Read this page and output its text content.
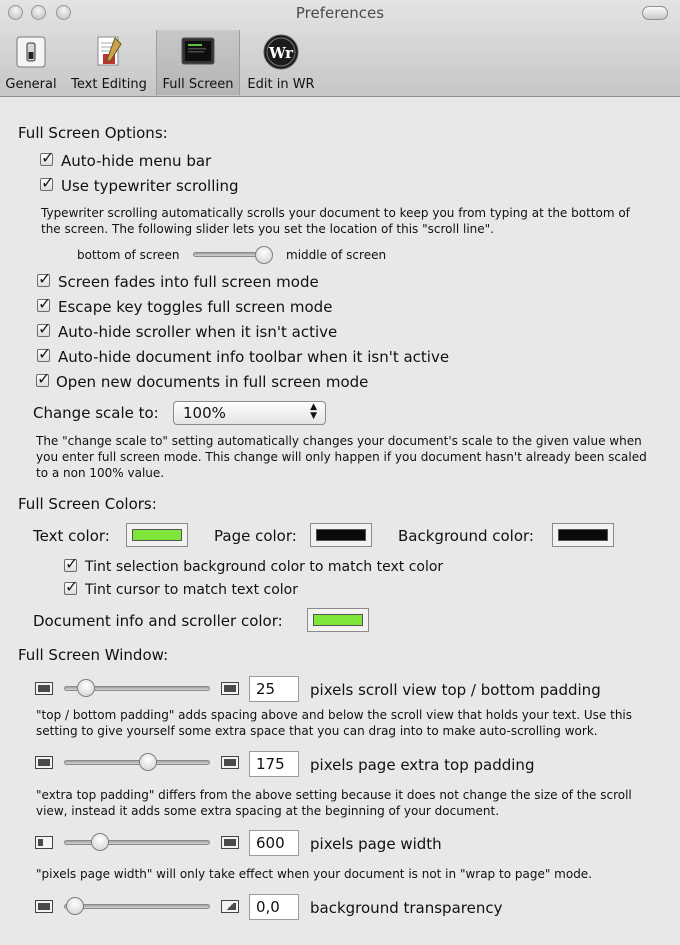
Preferences
General	Text Editing	Full Screen
Wr
Edit in WR
Full Screen Options:
✓
Auto-hide menu bar
✓
Use typewriter scrolling
Typewriter scrolling automatically scrolls your document to keep you from typing at the bottom of the screen. The following slider lets you set the location of this "scroll line".
bottom of screen	middle of screen
✓
Screen fades into full screen mode
✓
Escape key toggles full screen mode
✓
Auto-hide scroller when it isn't active
✓
Auto-hide document info toolbar when it isn't active
✓
Open new documents in full screen mode
Change scale to:	100%	▲
▼
The "change scale to" setting automatically changes your document's scale to the given value when you enter full screen mode. This change will only happen if you document hasn't already been scaled to a non 100% value.
Full Screen Colors:
Text color:	Page color:	Background color:
✓
Tint selection background color to match text color
✓
Tint cursor to match text color
Document info and scroller color:
Full Screen Window:
25	pixels scroll view top / bottom padding
"top / bottom padding" adds spacing above and below the scroll view that holds your text. Use this setting to give yourself some extra space that you can drag into to make auto-scrolling work.
175	pixels page extra top padding
"extra top padding" differs from the above setting because it does not change the size of the scroll view, instead it adds some extra spacing at the beginning of your document.
600	pixels page width
"pixels page width" will only take effect when your document is not in "wrap to page" mode.
0,0	background transparency
